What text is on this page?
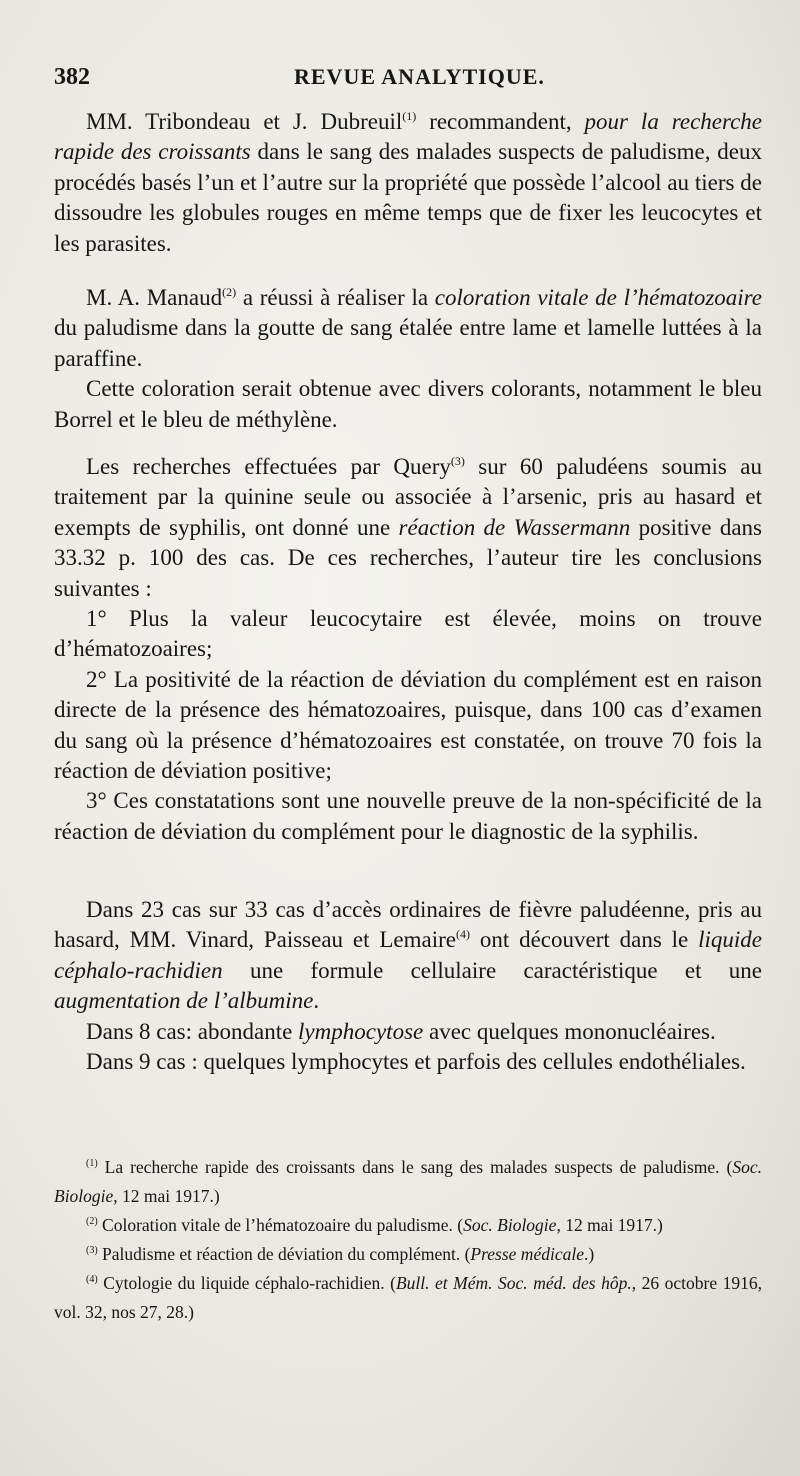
382	REVUE ANALYTIQUE.

MM. Tribondeau et J. Dubreuil$^{(1)}$ recommandent, pour la recherche rapide des croissants dans le sang des malades suspects de paludisme, deux procédés basés l’un et l’autre sur la propriété que possède l’alcool au tiers de dissoudre les globules rouges en même temps que de fixer les leucocytes et les parasites.

M. A. Manaud$^{(2)}$ a réussi à réaliser la coloration vitale de l’hématozoaire du paludisme dans la goutte de sang étalée entre lame et lamelle luttées à la paraffine.

Cette coloration serait obtenue avec divers colorants, notamment le bleu Borrel et le bleu de méthylène.

Les recherches effectuées par Query$^{(3)}$ sur 60 paludéens soumis au traitement par la quinine seule ou associée à l’arsenic, pris au hasard et exempts de syphilis, ont donné une réaction de Wassermann positive dans 33.32 p. 100 des cas. De ces recherches, l’auteur tire les conclusions suivantes :

1° Plus la valeur leucocytaire est élevée, moins on trouve d’hématozoaires;

2° La positivité de la réaction de déviation du complément est en raison directe de la présence des hématozoaires, puisque, dans 100 cas d’examen du sang où la présence d’hématozoaires est constatée, on trouve 70 fois la réaction de déviation positive;

3° Ces constatations sont une nouvelle preuve de la non-spécificité de la réaction de déviation du complément pour le diagnostic de la syphilis.

Dans 23 cas sur 33 cas d’accès ordinaires de fièvre paludéenne, pris au hasard, MM. Vinard, Paisseau et Lemaire$^{(4)}$ ont découvert dans le liquide céphalo-rachidien une formule cellulaire caractéristique et une augmentation de l’albumine.

Dans 8 cas: abondante lymphocytose avec quelques mononucléaires.

Dans 9 cas : quelques lymphocytes et parfois des cellules endothéliales.

$^{(1)}$ La recherche rapide des croissants dans le sang des malades suspects de paludisme. (Soc. Biologie, 12 mai 1917.)

$^{(2)}$ Coloration vitale de l’hématozoaire du paludisme. (Soc. Biologie, 12 mai 1917.)

$^{(3)}$ Paludisme et réaction de déviation du complément. (Presse médicale.)

$^{(4)}$ Cytologie du liquide céphalo-rachidien. (Bull. et Mém. Soc. méd. des hôp., 26 octobre 1916, vol. 32, nos 27, 28.)
